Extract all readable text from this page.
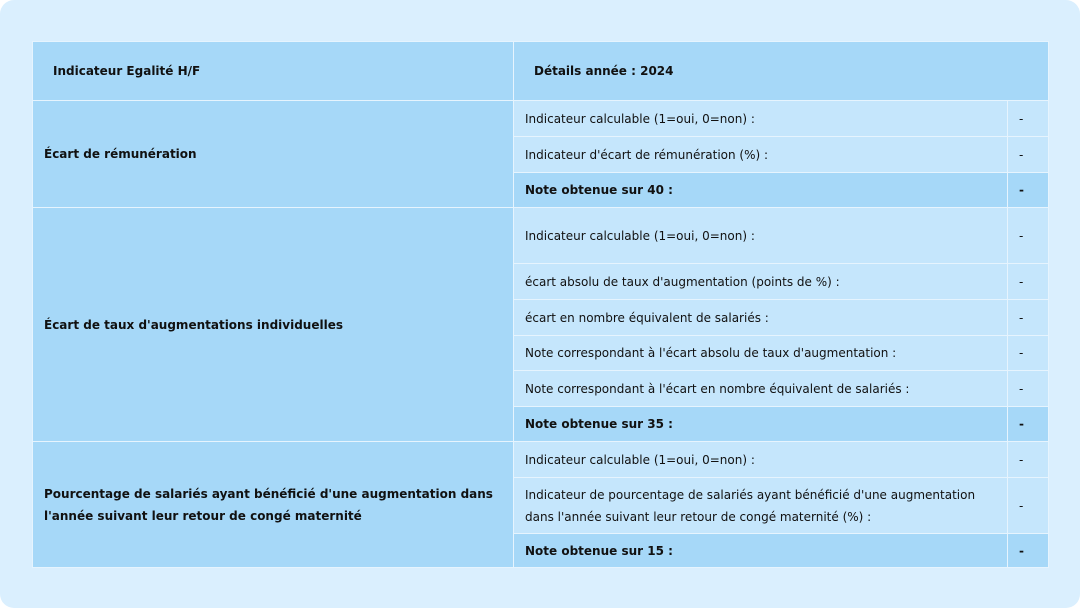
Indicateur Egalité H/F	Détails année : 2024	
Écart de rémunération	Indicateur calculable (1=oui, 0=non) :	-
	Indicateur d'écart de rémunération (%) :	-
	Note obtenue sur 40 :	-
Écart de taux d'augmentations individuelles	Indicateur calculable (1=oui, 0=non) :	-
	écart absolu de taux d'augmentation (points de %) :	-
	écart en nombre équivalent de salariés :	-
	Note correspondant à l'écart absolu de taux d'augmentation :	-
	Note correspondant à l'écart en nombre équivalent de salariés :	-
	Note obtenue sur 35 :	-
Pourcentage de salariés ayant bénéficié d'une augmentation dans l'année suivant leur retour de congé maternité	Indicateur calculable (1=oui, 0=non) :	-
	Indicateur de pourcentage de salariés ayant bénéficié d'une augmentation dans l'année suivant leur retour de congé maternité (%) :	-
	Note obtenue sur 15 :	-
